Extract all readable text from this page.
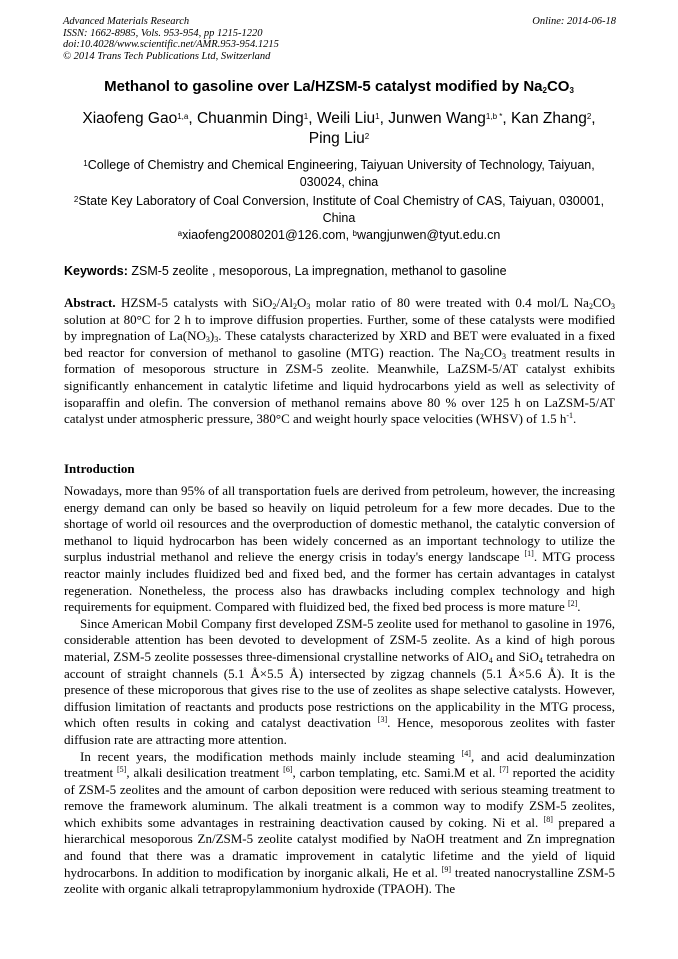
Advanced Materials Research
ISSN: 1662-8985, Vols. 953-954, pp 1215-1220
doi:10.4028/www.scientific.net/AMR.953-954.1215
© 2014 Trans Tech Publications Ltd, Switzerland
Online: 2014-06-18
Methanol to gasoline over La/HZSM-5 catalyst modified by $Na_2CO_3$
Xiaofeng Gao$^{1,a}$, Chuanmin Ding$^1$, Weili Liu$^1$, Junwen Wang$^{1,b *}$, Kan Zhang$^2$,
Ping Liu$^2$
$^1$College of Chemistry and Chemical Engineering, Taiyuan University of Technology, Taiyuan, 030024, china
$^2$State Key Laboratory of Coal Conversion, Institute of Coal Chemistry of CAS, Taiyuan, 030001, China
$^a$xiaofeng20080201@126.com, $^b$wangjunwen@tyut.edu.cn
Keywords: ZSM-5 zeolite , mesoporous, La impregnation, methanol to gasoline
Abstract. HZSM-5 catalysts with $SiO_2/Al_2O_3$ molar ratio of 80 were treated with 0.4 mol/L $Na_2CO_3$ solution at 80°C for 2 h to improve diffusion properties. Further, some of these catalysts were modified by impregnation of $La(NO_3)_3$. These catalysts characterized by XRD and BET were evaluated in a fixed bed reactor for conversion of methanol to gasoline (MTG) reaction. The $Na_2CO_3$ treatment results in formation of mesoporous structure in ZSM-5 zeolite. Meanwhile, LaZSM-5/AT catalyst exhibits significantly enhancement in catalytic lifetime and liquid hydrocarbons yield as well as selectivity of isoparaffin and olefin. The conversion of methanol remains above 80 % over 125 h on LaZSM-5/AT catalyst under atmospheric pressure, 380°C and weight hourly space velocities (WHSV) of 1.5 $h^{-1}$.
Introduction

Nowadays, more than 95% of all transportation fuels are derived from petroleum, however, the increasing energy demand can only be based so heavily on liquid petroleum for a few more decades. Due to the shortage of world oil resources and the overproduction of domestic methanol, the catalytic conversion of methanol to liquid hydrocarbon has been widely concerned as an important technology to utilize the surplus industrial methanol and relieve the energy crisis in today's energy landscape [1]. MTG process reactor mainly includes fluidized bed and fixed bed, and the former has certain advantages in catalyst regeneration. Nonetheless, the process also has drawbacks including complex technology and high requirements for equipment. Compared with fluidized bed, the fixed bed process is more mature [2].

Since American Mobil Company first developed ZSM-5 zeolite used for methanol to gasoline in 1976, considerable attention has been devoted to development of ZSM-5 zeolite. As a kind of high porous material, ZSM-5 zeolite possesses three-dimensional crystalline networks of AlO$_4$ and SiO$_4$ tetrahedra on account of straight channels (5.1 Å×5.5 Å) intersected by zigzag channels (5.1 Å×5.6 Å). It is the presence of these microporous that gives rise to the use of zeolites as shape selective catalysts. However, diffusion limitation of reactants and products pose restrictions on the applicability in the MTG process, which often results in coking and catalyst deactivation [3]. Hence, mesoporous zeolites with faster diffusion rate are attracting more attention.

In recent years, the modification methods mainly include steaming [4], and acid dealuminzation treatment [5], alkali desilication treatment [6], carbon templating, etc. Sami.M et al. [7] reported the acidity of ZSM-5 zeolites and the amount of carbon deposition were reduced with serious steaming treatment to remove the framework aluminum. The alkali treatment is a common way to modify ZSM-5 zeolites, which exhibits some advantages in restraining deactivation caused by coking. Ni et al. [8] prepared a hierarchical mesoporous Zn/ZSM-5 zeolite catalyst modified by NaOH treatment and Zn impregnation and found that there was a dramatic improvement in catalytic lifetime and the yield of liquid hydrocarbons. In addition to modification by inorganic alkali, He et al. [9] treated nanocrystalline ZSM-5 zeolite with organic alkali tetrapropylammonium hydroxide (TPAOH). The
